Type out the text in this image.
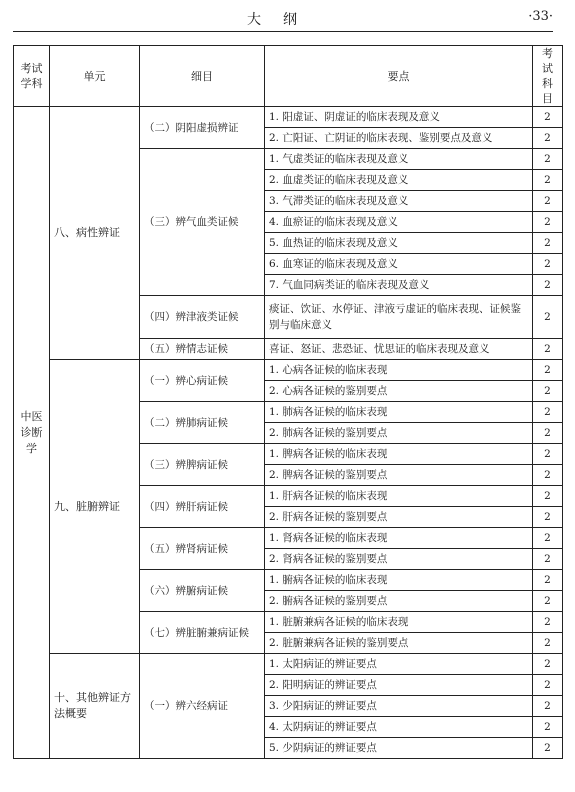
大纲	·33·
考试学科	单元	细目	要点	考试科目
中医诊断学	八、病性辨证	（二）阴阳虚损辨证	1. 阳虚证、阴虚证的临床表现及意义	2
			2. 亡阳证、亡阴证的临床表现、鉴别要点及意义	2
		（三）辨气血类证候	1. 气虚类证的临床表现及意义	2
			2. 血虚类证的临床表现及意义	2
			3. 气滞类证的临床表现及意义	2
			4. 血瘀证的临床表现及意义	2
			5. 血热证的临床表现及意义	2
			6. 血寒证的临床表现及意义	2
			7. 气血同病类证的临床表现及意义	2
		（四）辨津液类证候	痰证、饮证、水停证、津液亏虚证的临床表现、证候鉴别与临床意义	2
		（五）辨情志证候	喜证、怒证、悲恐证、忧思证的临床表现及意义	2
	九、脏腑辨证	（一）辨心病证候	1. 心病各证候的临床表现	2
			2. 心病各证候的鉴别要点	2
		（二）辨肺病证候	1. 肺病各证候的临床表现	2
			2. 肺病各证候的鉴别要点	2
		（三）辨脾病证候	1. 脾病各证候的临床表现	2
			2. 脾病各证候的鉴别要点	2
		（四）辨肝病证候	1. 肝病各证候的临床表现	2
			2. 肝病各证候的鉴别要点	2
		（五）辨肾病证候	1. 肾病各证候的临床表现	2
			2. 肾病各证候的鉴别要点	2
		（六）辨腑病证候	1. 腑病各证候的临床表现	2
			2. 腑病各证候的鉴别要点	2
		（七）辨脏腑兼病证候	1. 脏腑兼病各证候的临床表现	2
			2. 脏腑兼病各证候的鉴别要点	2
	十、其他辨证方法概要	（一）辨六经病证	1. 太阳病证的辨证要点	2
			2. 阳明病证的辨证要点	2
			3. 少阳病证的辨证要点	2
			4. 太阴病证的辨证要点	2
			5. 少阴病证的辨证要点	2
